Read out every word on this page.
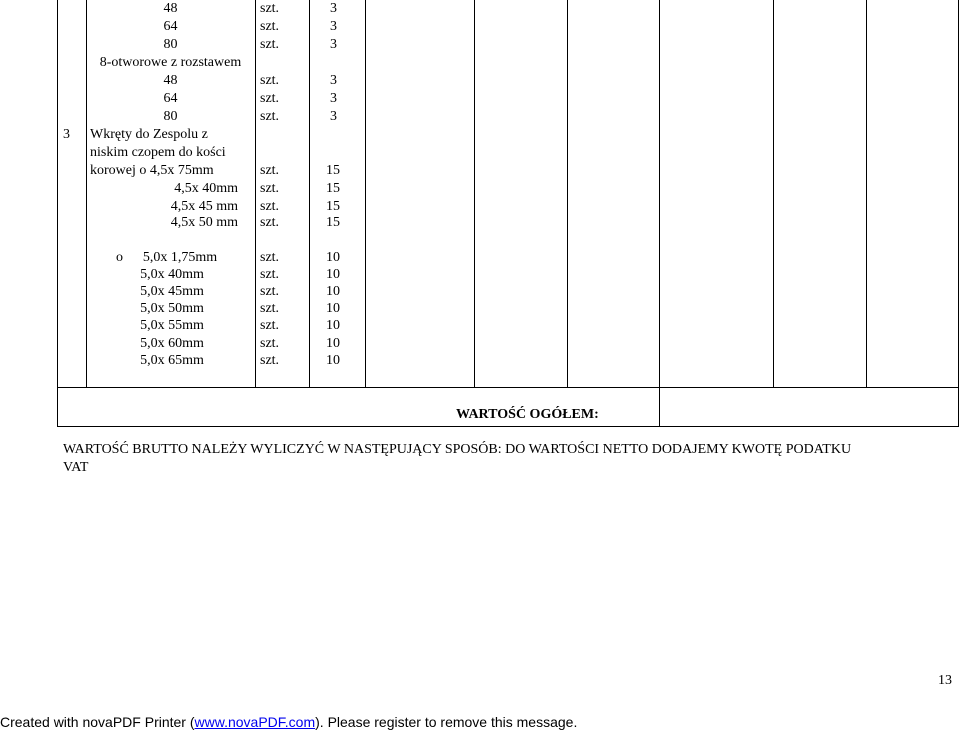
48	szt.	3
64	szt.	3
80	szt.	3
8-otworowe z rozstawem
48	szt.	3
64	szt.	3
80	szt.	3
3 Wkręty do Zespolu z
niskim czopem do kości
korowej o 4,5x 75mm	szt.	15
4,5x 40mm szt.	15
4,5x 45 mm szt.	15
4,5x 50 mm szt.	15
o	5,0x 1,75mm	szt.	10
5,0x 40mm	szt.	10
5,0x 45mm	szt.	10
5,0x 50mm	szt.	10
5,0x 55mm	szt.	10
5,0x 60mm	szt.	10
5,0x 65mm	szt.	10
WARTOŚĆ OGÓŁEM:
WARTOŚĆ BRUTTO NALEŻY WYLICZYĆ W NASTĘPUJĄCY SPOSÓB: DO WARTOŚCI NETTO DODAJEMY KWOTĘ PODATKU
VAT
13
Created with novaPDF Printer (www.novaPDF.com). Please register to remove this message.
